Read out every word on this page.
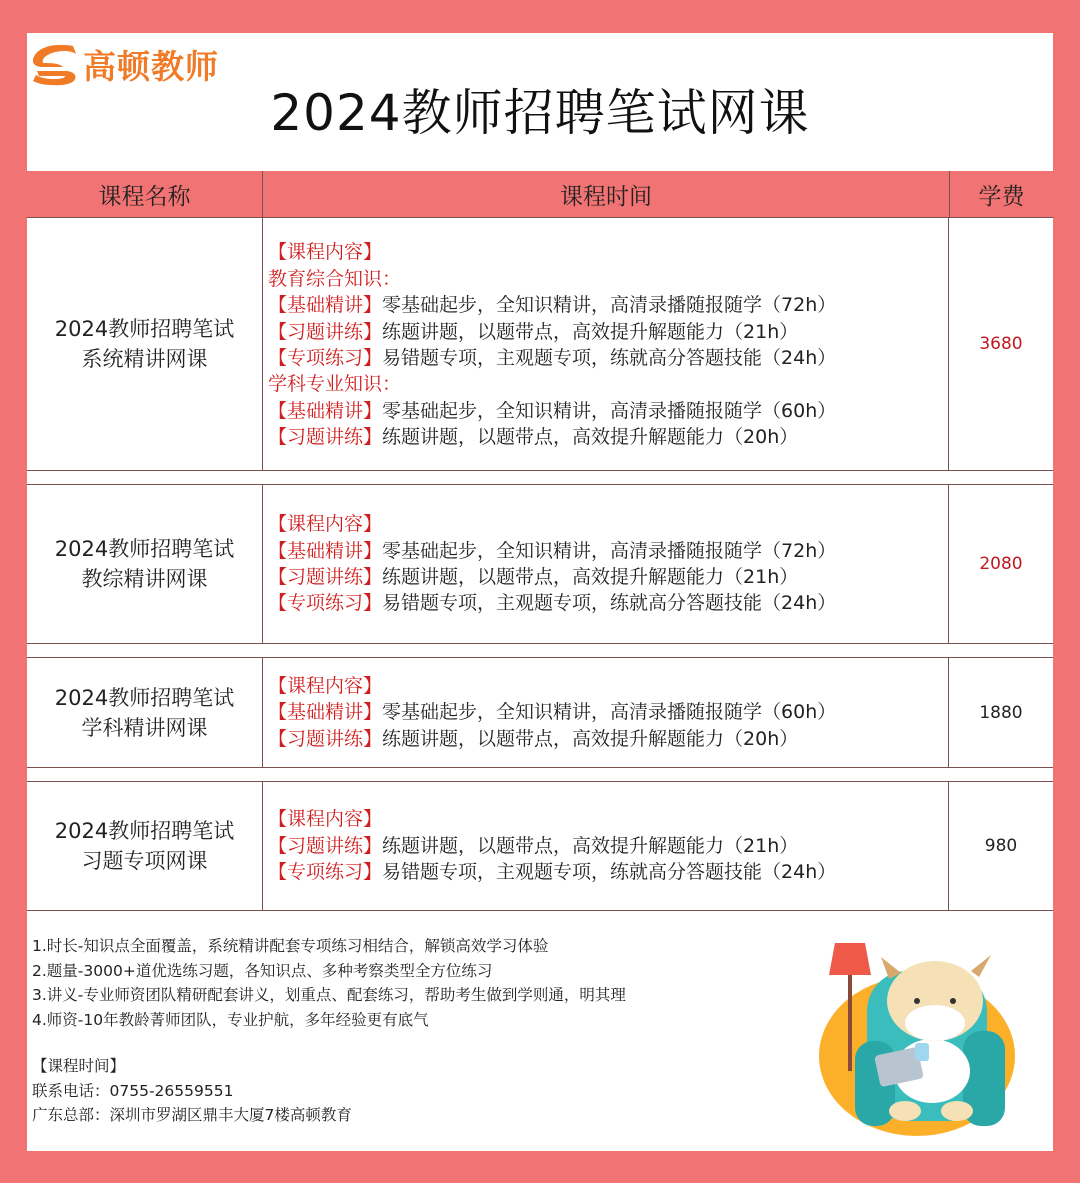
高顿教师
2024教师招聘笔试网课
课程名称	课程时间	学费
2024教师招聘笔试
系统精讲网课
【课程内容】
教育综合知识：
【基础精讲】零基础起步，全知识精讲，高清录播随报随学（72h）
【习题讲练】练题讲题，以题带点，高效提升解题能力（21h）
【专项练习】易错题专项，主观题专项，练就高分答题技能（24h）
学科专业知识：
【基础精讲】零基础起步，全知识精讲，高清录播随报随学（60h）
【习题讲练】练题讲题，以题带点，高效提升解题能力（20h）
3680
2024教师招聘笔试
教综精讲网课
【课程内容】
【基础精讲】零基础起步，全知识精讲，高清录播随报随学（72h）
【习题讲练】练题讲题，以题带点，高效提升解题能力（21h）
【专项练习】易错题专项，主观题专项，练就高分答题技能（24h）
2080
2024教师招聘笔试
学科精讲网课
【课程内容】
【基础精讲】零基础起步，全知识精讲，高清录播随报随学（60h）
【习题讲练】练题讲题，以题带点，高效提升解题能力（20h）
1880
2024教师招聘笔试
习题专项网课
【课程内容】
【习题讲练】练题讲题，以题带点，高效提升解题能力（21h）
【专项练习】易错题专项，主观题专项，练就高分答题技能（24h）
980
1.时长-知识点全面覆盖，系统精讲配套专项练习相结合，解锁高效学习体验
2.题量-3000+道优选练习题，各知识点、多种考察类型全方位练习
3.讲义-专业师资团队精研配套讲义，划重点、配套练习，帮助考生做到学则通，明其理
4.师资-10年教龄菁师团队，专业护航，多年经验更有底气
【课程时间】
联系电话：0755-26559551
广东总部：深圳市罗湖区鼎丰大厦7楼高顿教育
